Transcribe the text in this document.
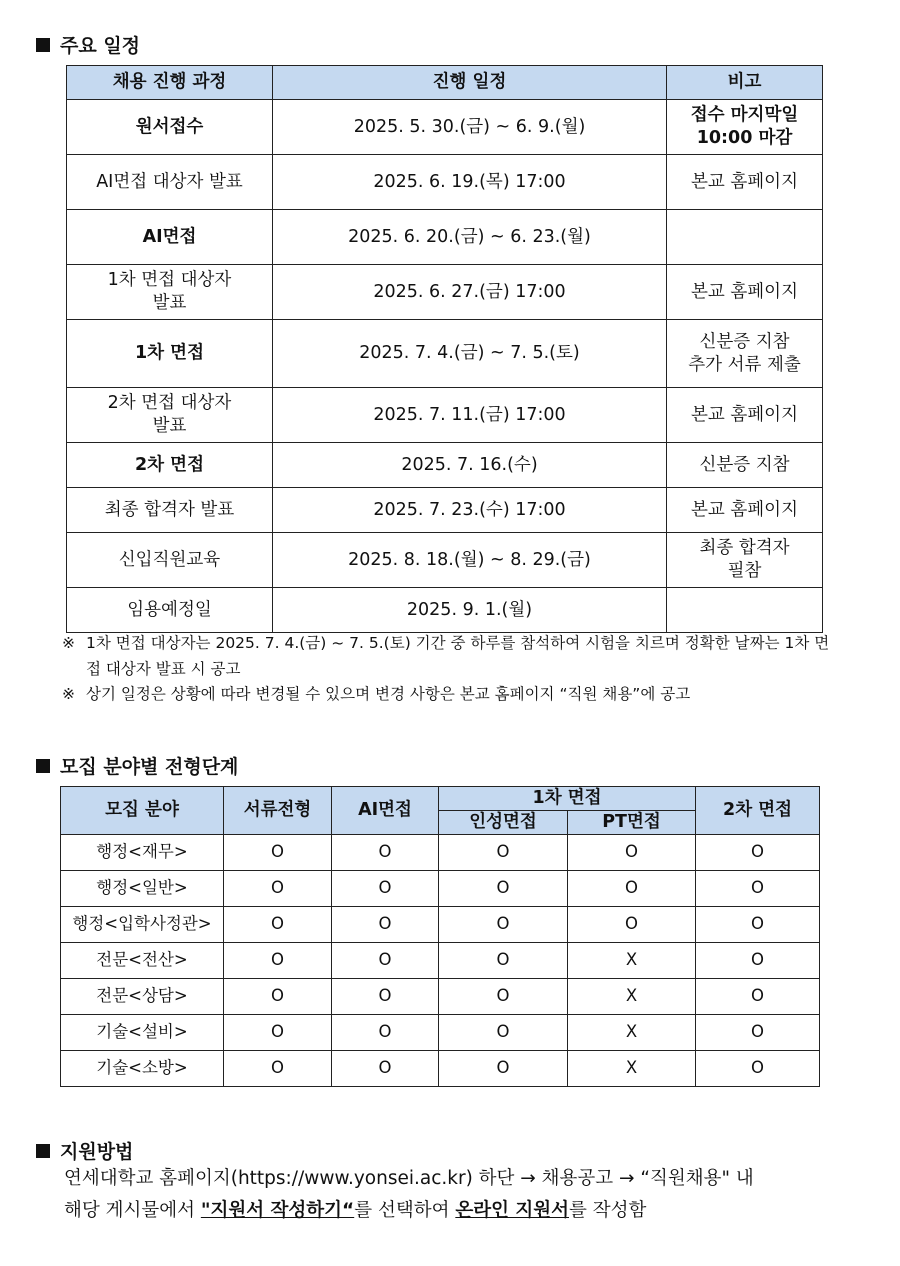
주요 일정
채용 진행 과정	진행 일정	비고
원서접수	2025. 5. 30.(금) ~ 6. 9.(월)	접수 마지막일
10:00 마감

AI면접 대상자 발표	2025. 6. 19.(목) 17:00	본교 홈페이지

AI면접	2025. 6. 20.(금) ~ 6. 23.(월)	
1차 면접 대상자
발표	2025. 6. 27.(금) 17:00	본교 홈페이지

1차 면접	2025. 7. 4.(금) ~ 7. 5.(토)	신분증 지참
추가 서류 제출

2차 면접 대상자
발표	2025. 7. 11.(금) 17:00	본교 홈페이지

2차 면접	2025. 7. 16.(수)	신분증 지참

최종 합격자 발표	2025. 7. 23.(수) 17:00	본교 홈페이지

신입직원교육	2025. 8. 18.(월) ~ 8. 29.(금)	최종 합격자
필참

임용예정일	2025. 9. 1.(월)	
※ 1차 면접 대상자는 2025. 7. 4.(금) ~ 7. 5.(토) 기간 중 하루를 참석하여 시험을 치르며 정확한 날짜는 1차 면접 대상자 발표 시 공고
※ 상기 일정은 상황에 따라 변경될 수 있으며 변경 사항은 본교 홈페이지 “직원 채용”에 공고
모집 분야별 전형단계
모집 분야	서류전형	AI면접	1차 면접		2차 면접
			인성면접	PT면접	
행정<재무>	O	O	O	O	O
행정<일반>	O	O	O	O	O
행정<입학사정관>	O	O	O	O	O
전문<전산>	O	O	O	X	O
전문<상담>	O	O	O	X	O
기술<설비>	O	O	O	X	O
기술<소방>	O	O	O	X	O
지원방법
연세대학교 홈페이지(https://www.yonsei.ac.kr) 하단 → 채용공고 → “직원채용" 내
해당 게시물에서 "지원서 작성하기“를 선택하여 온라인 지원서를 작성함
